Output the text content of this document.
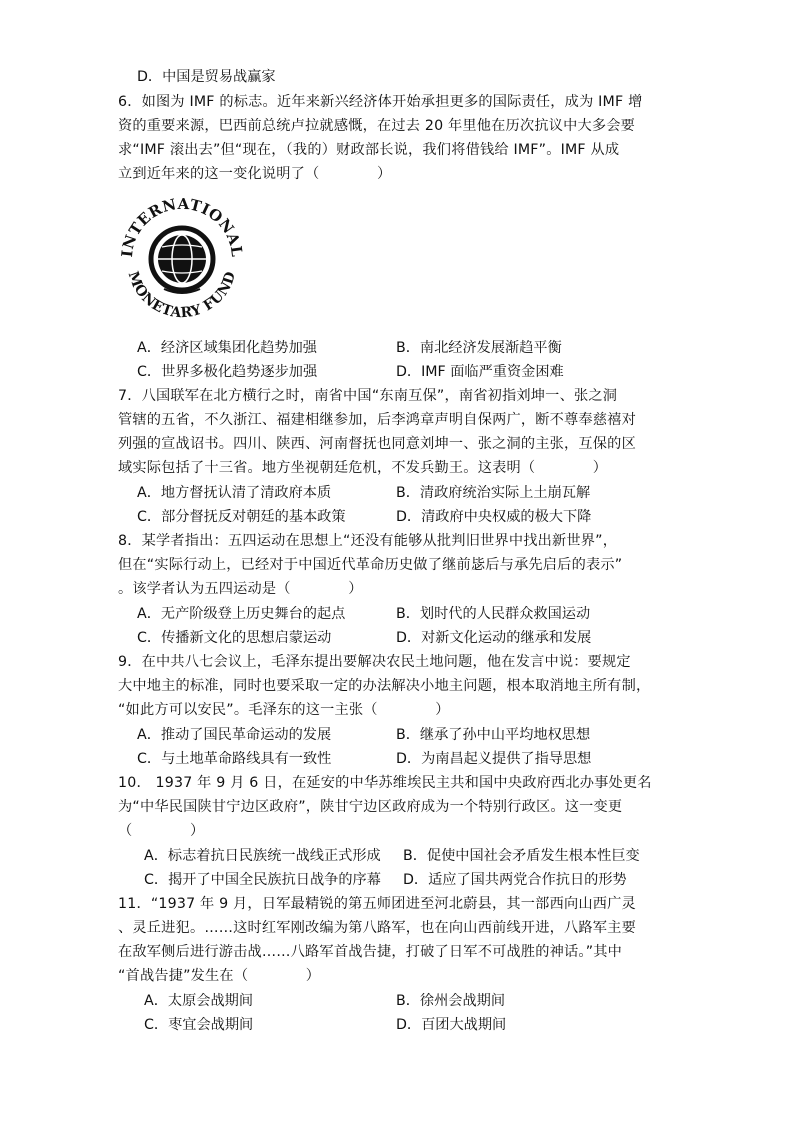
D．中国是贸易战赢家
6．如图为 IMF 的标志。近年来新兴经济体开始承担更多的国际责任，成为 IMF 增
资的重要来源，巴西前总统卢拉就感慨，在过去 20 年里他在历次抗议中大多会要
求“IMF 滚出去”但“现在，（我的）财政部长说，我们将借钱给 IMF”。IMF 从成
立到近年来的这一变化说明了（　　　　）
INTERNATIONAL
MONETARY FUND
A．经济区域集团化趋势加强	B．南北经济发展渐趋平衡
C．世界多极化趋势逐步加强	D．IMF 面临严重资金困难
7．八国联军在北方横行之时，南省中国“东南互保”，南省初指刘坤一、张之洞
管辖的五省，不久浙江、福建相继参加，后李鸿章声明自保两广，断不尊奉慈禧对
列强的宣战诏书。四川、陕西、河南督抚也同意刘坤一、张之洞的主张，互保的区
域实际包括了十三省。地方坐视朝廷危机，不发兵勤王。这表明（　　　　）
A．地方督抚认清了清政府本质	B．清政府统治实际上土崩瓦解
C．部分督抚反对朝廷的基本政策	D．清政府中央权威的极大下降
8．某学者指出：五四运动在思想上“还没有能够从批判旧世界中找出新世界”，
但在“实际行动上，已经对于中国近代革命历史做了继前毖后与承先启后的表示”
。该学者认为五四运动是（　　　　）
A．无产阶级登上历史舞台的起点	B．划时代的人民群众救国运动
C．传播新文化的思想启蒙运动	D．对新文化运动的继承和发展
9．在中共八七会议上，毛泽东提出要解决农民土地问题，他在发言中说：要规定
大中地主的标准，同时也要采取一定的办法解决小地主问题，根本取消地主所有制，
“如此方可以安民”。毛泽东的这一主张（　　　　）
A．推动了国民革命运动的发展	B．继承了孙中山平均地权思想
C．与土地革命路线具有一致性	D．为南昌起义提供了指导思想
10． 1937 年 9 月 6 日，在延安的中华苏维埃民主共和国中央政府西北办事处更名
为“中华民国陕甘宁边区政府”，陕甘宁边区政府成为一个特别行政区。这一变更
（　　　　）
A．标志着抗日民族统一战线正式形成 B．促使中国社会矛盾发生根本性巨变
C．揭开了中国全民族抗日战争的序幕 D．适应了国共两党合作抗日的形势
11．“1937 年 9 月，日军最精锐的第五师团进至河北蔚县，其一部西向山西广灵
、灵丘进犯。……这时红军刚改编为第八路军，也在向山西前线开进，八路军主要
在敌军侧后进行游击战……八路军首战告捷，打破了日军不可战胜的神话。”其中
“首战告捷”发生在（　　　　）
A．太原会战期间	B．徐州会战期间
C．枣宜会战期间	D．百团大战期间
